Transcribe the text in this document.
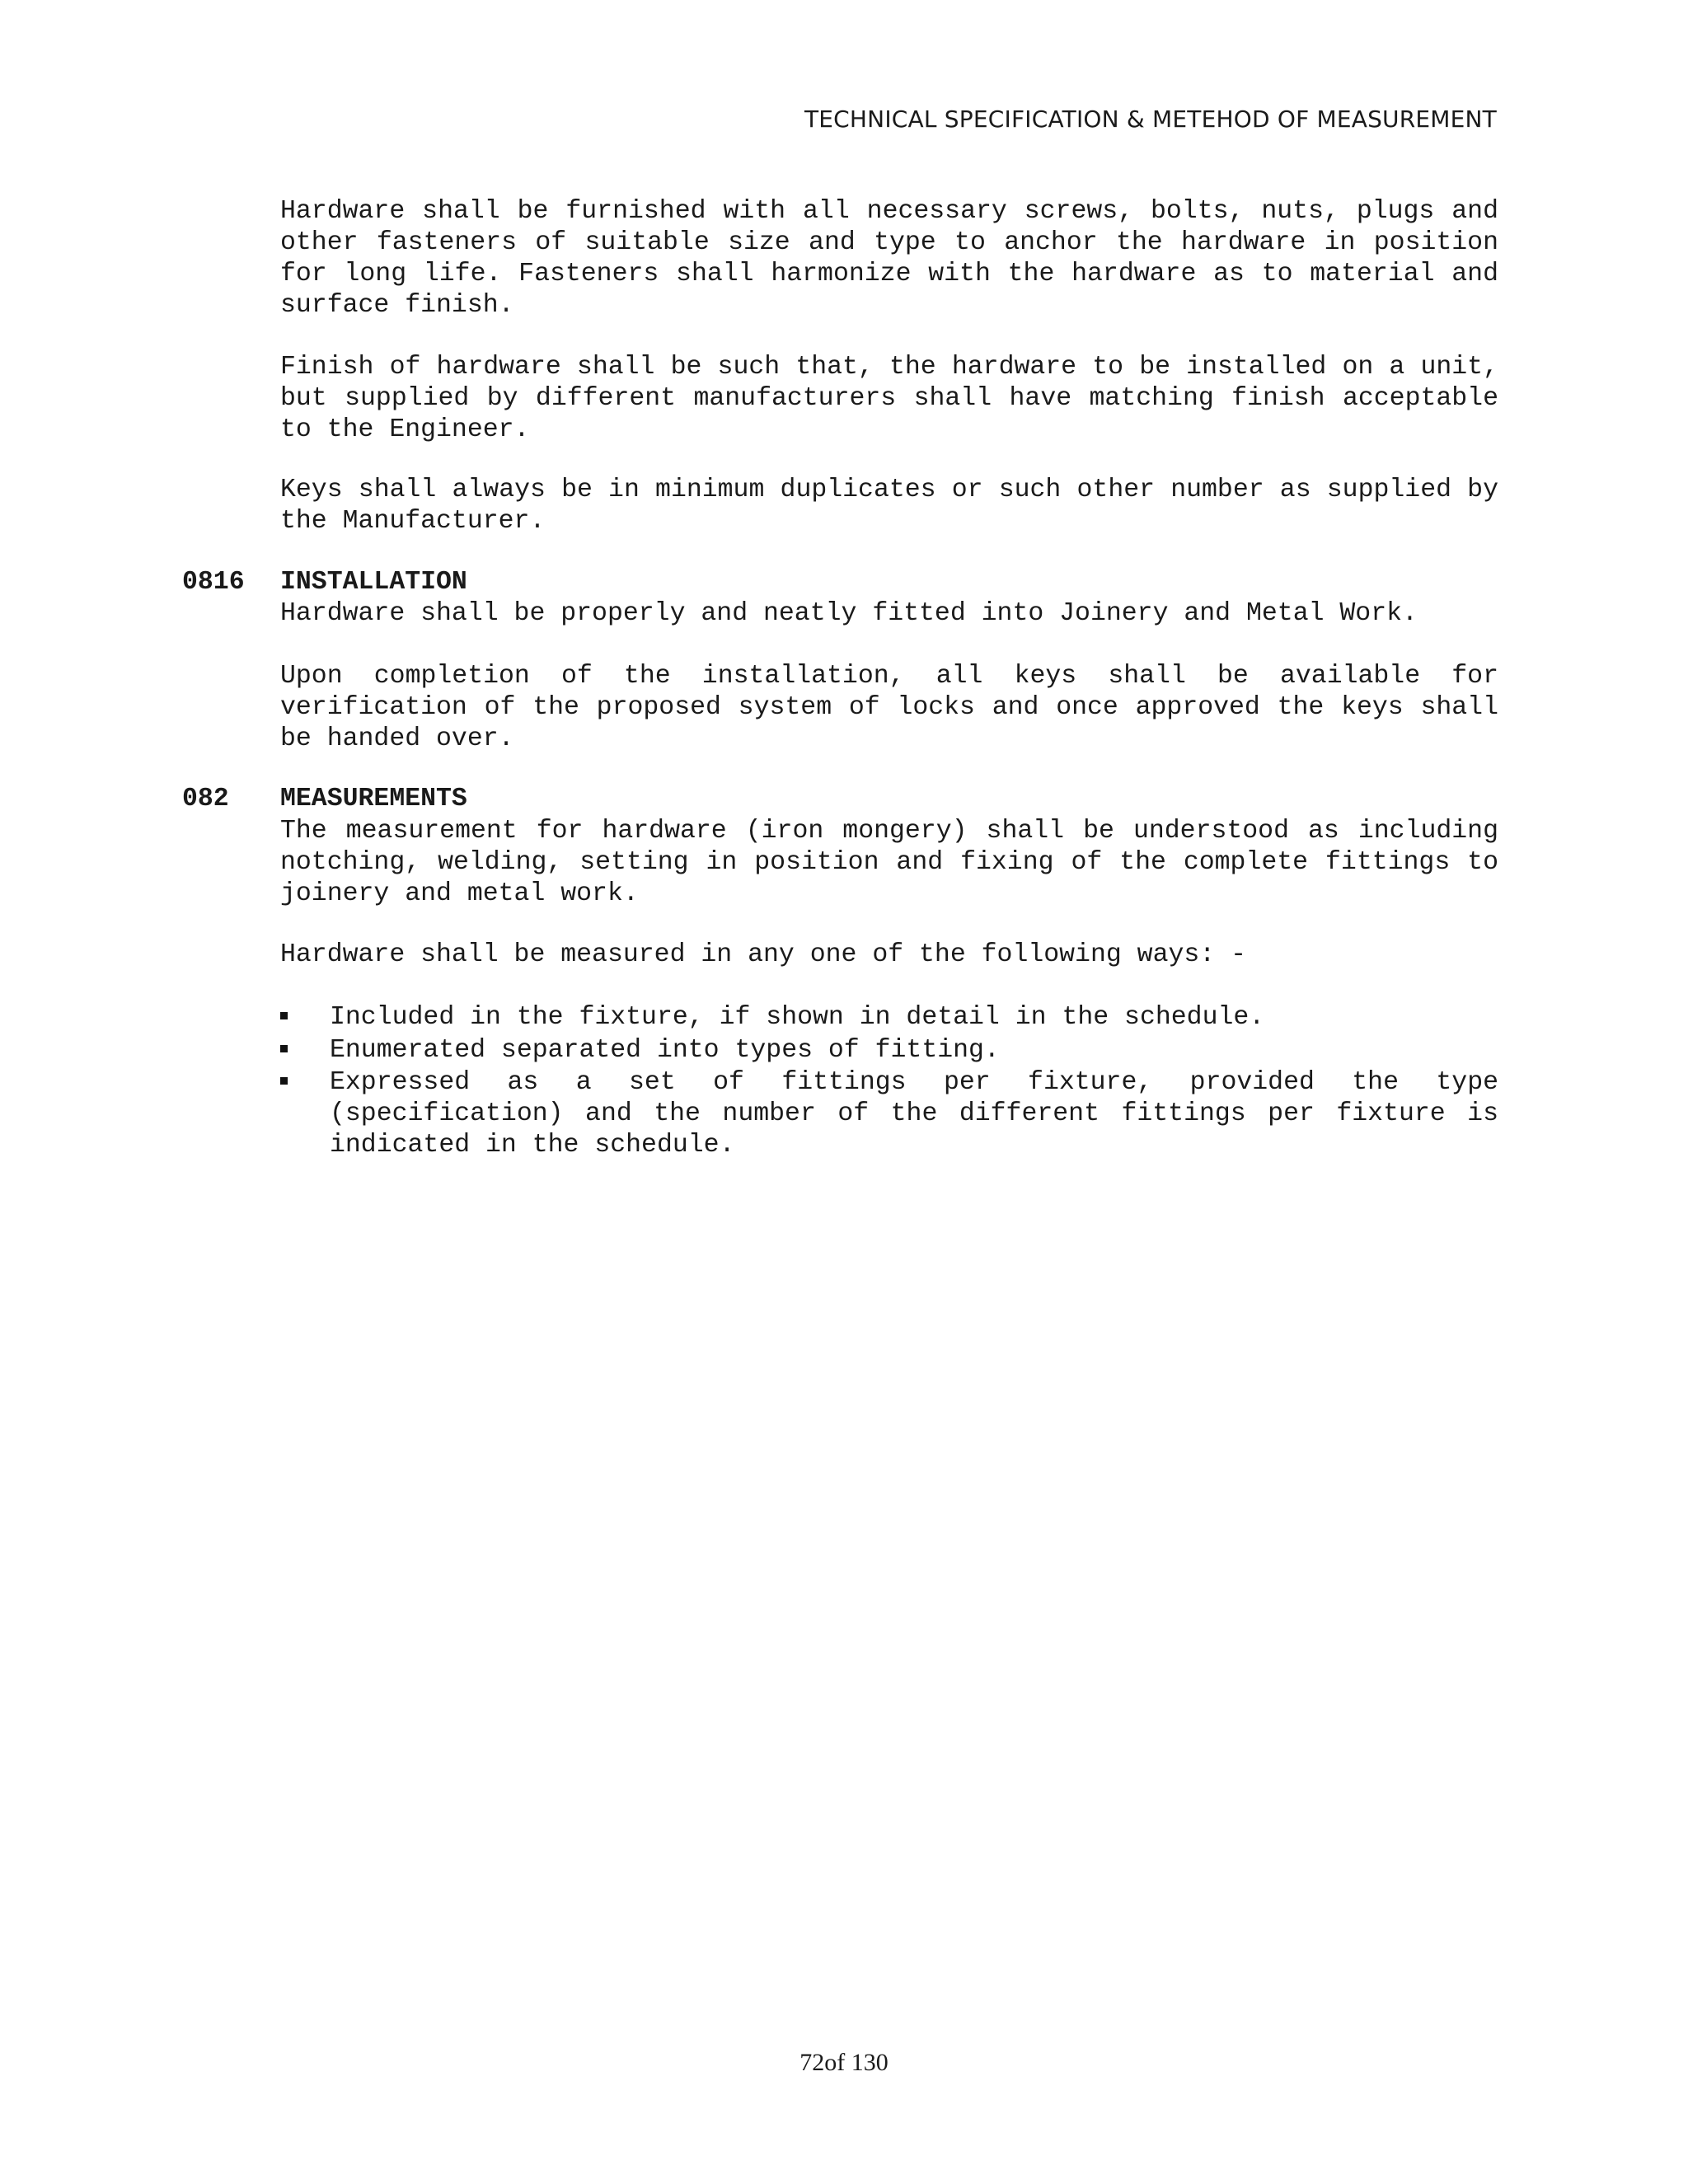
TECHNICAL SPECIFICATION & METEHOD OF MEASUREMENT
Hardware shall be furnished with all necessary screws, bolts, nuts, plugs and other fasteners of suitable size and type to anchor the hardware in position for long life. Fasteners shall harmonize with the hardware as to material and surface finish.
Finish of hardware shall be such that, the hardware to be installed on a unit, but supplied by different manufacturers shall have matching finish acceptable to the Engineer.
Keys shall always be in minimum duplicates or such other number as supplied by the Manufacturer.
0816 INSTALLATION
Hardware shall be properly and neatly fitted into Joinery and Metal Work.
Upon completion of the installation, all keys shall be available for verification of the proposed system of locks and once approved the keys shall be handed over.
082 MEASUREMENTS
The measurement for hardware (iron mongery) shall be understood as including notching, welding, setting in position and fixing of the complete fittings to joinery and metal work.
Hardware shall be measured in any one of the following ways: -
Included in the fixture, if shown in detail in the schedule.
Enumerated separated into types of fitting.
Expressed as a set of fittings per fixture, provided the type (specification) and the number of the different fittings per fixture is indicated in the schedule.
72of 130
